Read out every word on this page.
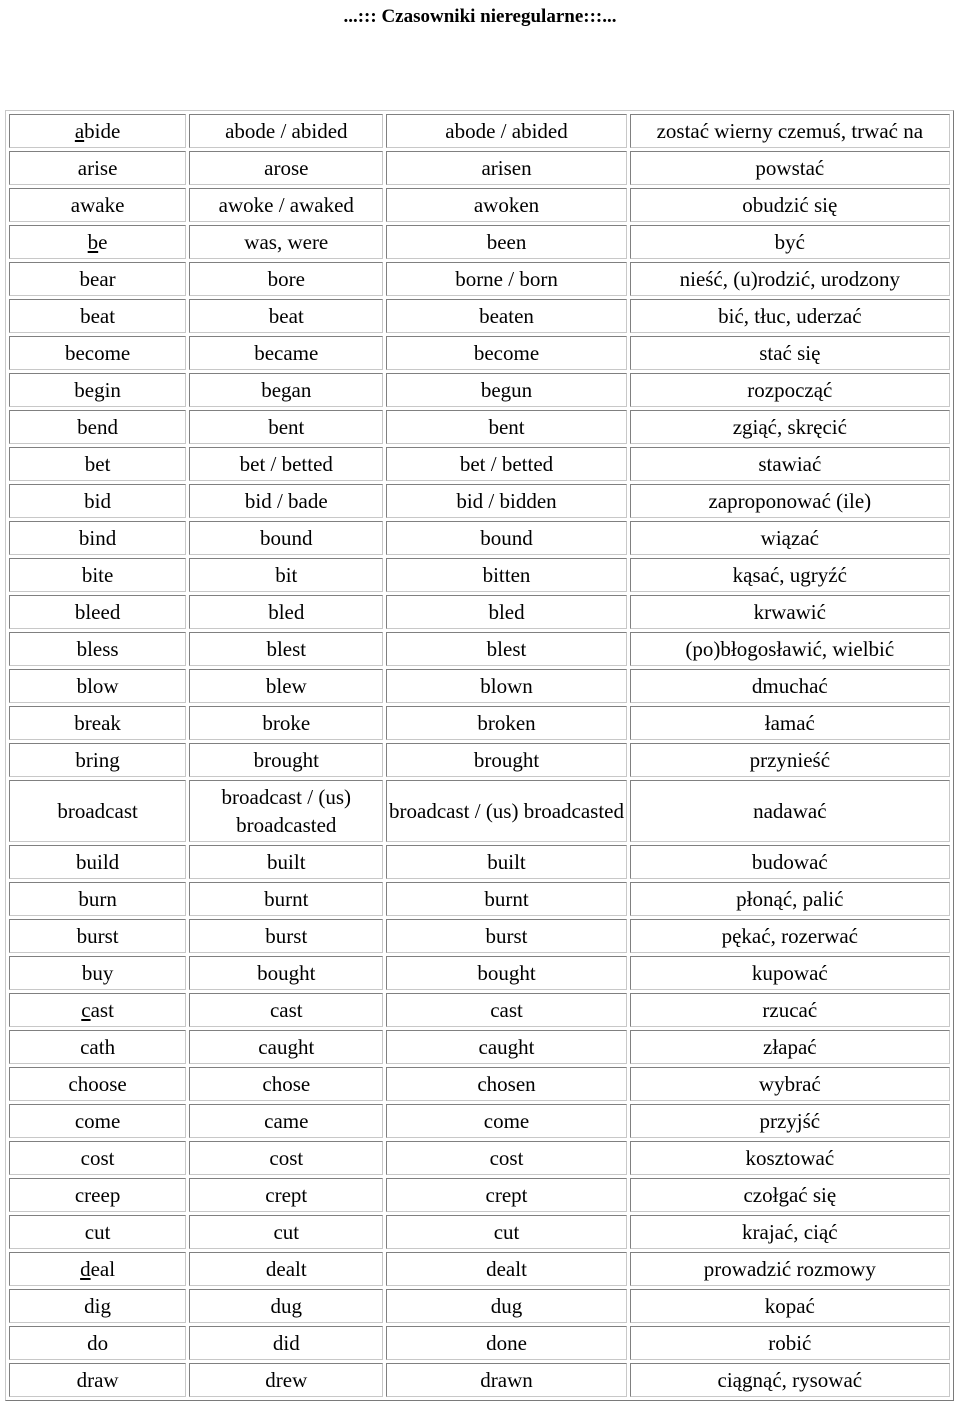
...::: Czasowniki nieregularne:::...
abide	abode / abided	abode / abided	zostać wierny czemuś, trwać na
arise	arose	arisen	powstać
awake	awoke / awaked	awoken	obudzić się
be	was, were	been	być
bear	bore	borne / born	nieść, (u)rodzić, urodzony
beat	beat	beaten	bić, tłuc, uderzać
become	became	become	stać się
begin	began	begun	rozpocząć
bend	bent	bent	zgiąć, skręcić
bet	bet / betted	bet / betted	stawiać
bid	bid / bade	bid / bidden	zaproponować (ile)
bind	bound	bound	wiązać
bite	bit	bitten	kąsać, ugryźć
bleed	bled	bled	krwawić
bless	blest	blest	(po)błogosławić, wielbić
blow	blew	blown	dmuchać
break	broke	broken	łamać
bring	brought	brought	przynieść
broadcast	broadcast / (us) broadcasted	broadcast / (us) broadcasted	nadawać
build	built	built	budować
burn	burnt	burnt	płonąć, palić
burst	burst	burst	pękać, rozerwać
buy	bought	bought	kupować
cast	cast	cast	rzucać
cath	caught	caught	złapać
choose	chose	chosen	wybrać
come	came	come	przyjść
cost	cost	cost	kosztować
creep	crept	crept	czołgać się
cut	cut	cut	krajać, ciąć
deal	dealt	dealt	prowadzić rozmowy
dig	dug	dug	kopać
do	did	done	robić
draw	drew	drawn	ciągnąć, rysować
